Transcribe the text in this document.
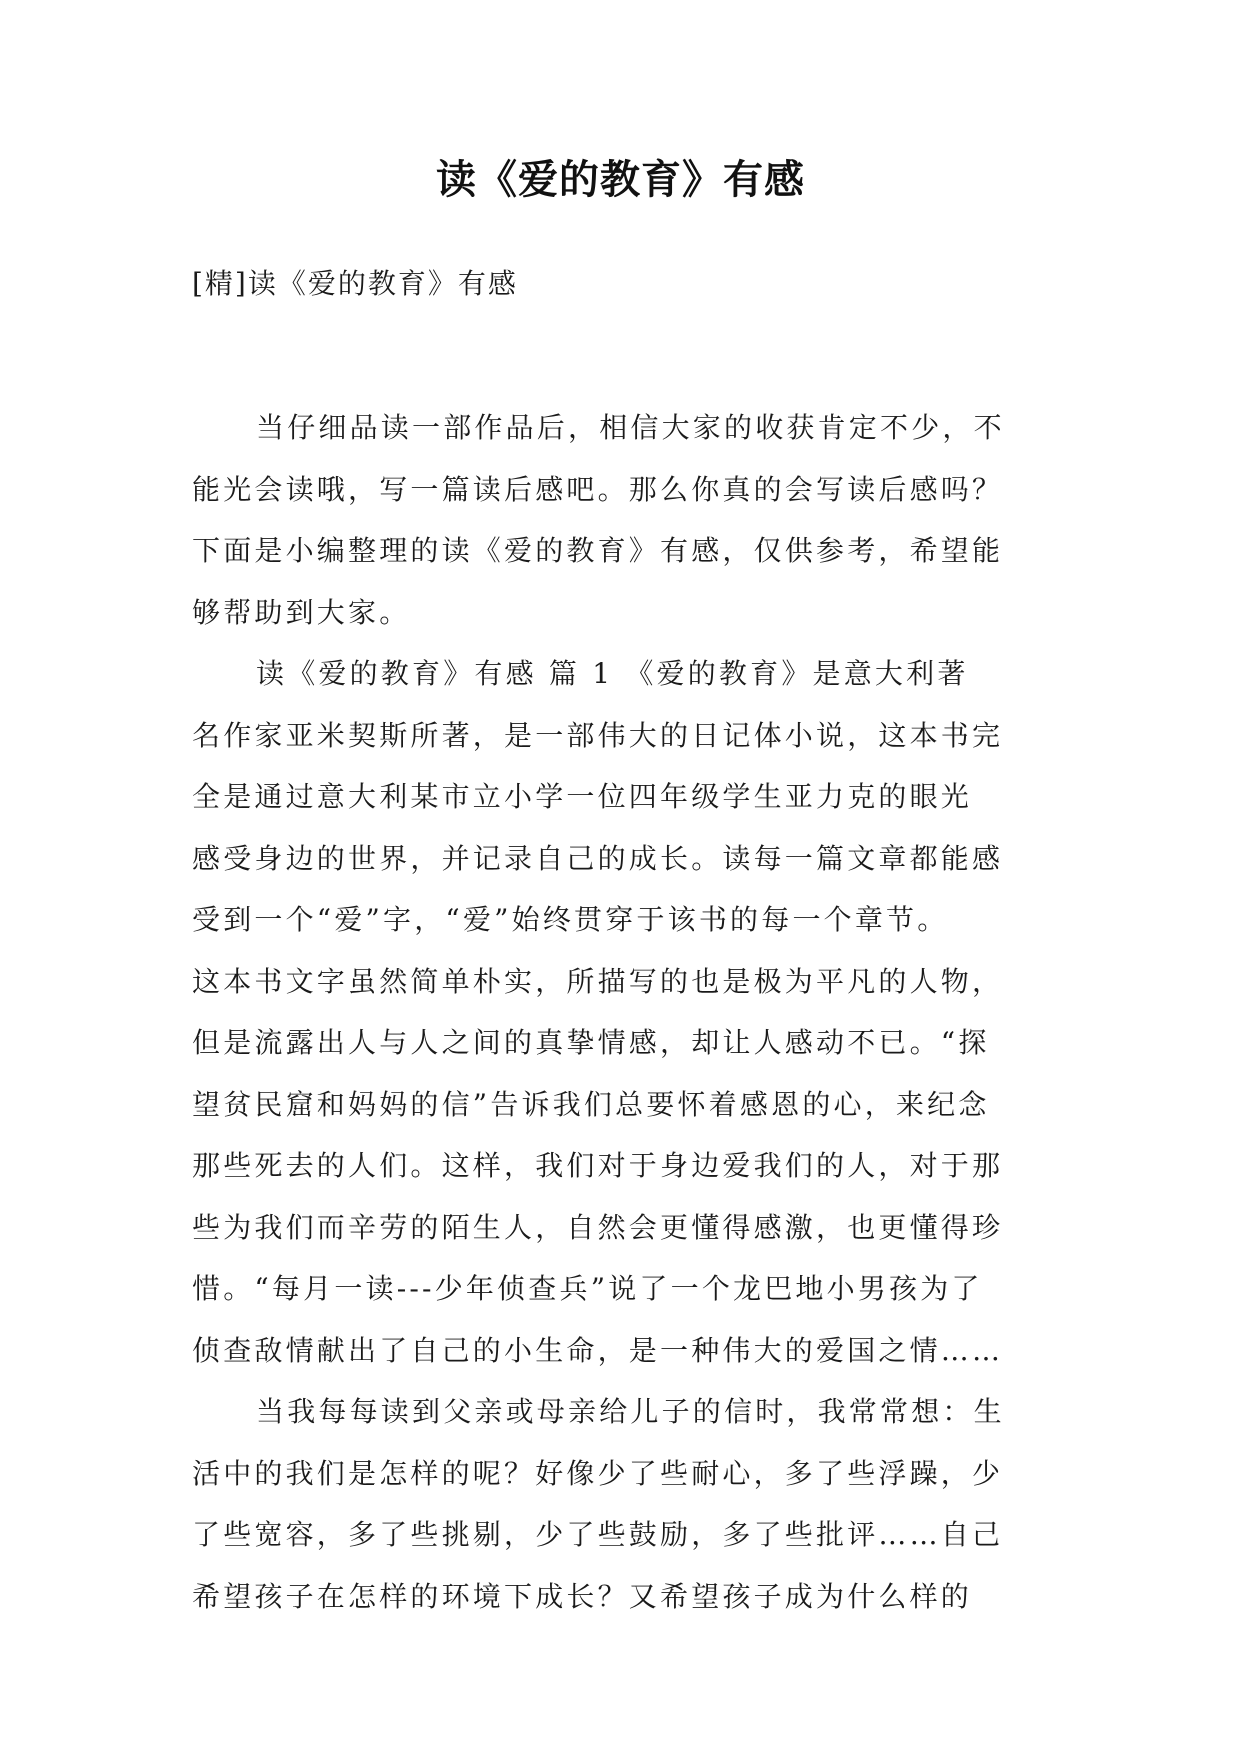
读《爱的教育》有感
[精]读《爱的教育》有感
当仔细品读一部作品后，相信大家的收获肯定不少，不
能光会读哦，写一篇读后感吧。那么你真的会写读后感吗？
下面是小编整理的读《爱的教育》有感，仅供参考，希望能
够帮助到大家。
读《爱的教育》有感 篇 1 《爱的教育》是意大利著
名作家亚米契斯所著，是一部伟大的日记体小说，这本书完
全是通过意大利某市立小学一位四年级学生亚力克的眼光
感受身边的世界，并记录自己的成长。读每一篇文章都能感
受到一个“爱”字，“爱”始终贯穿于该书的每一个章节。
这本书文字虽然简单朴实，所描写的也是极为平凡的人物，
但是流露出人与人之间的真挚情感，却让人感动不已。“探
望贫民窟和妈妈的信”告诉我们总要怀着感恩的心，来纪念
那些死去的人们。这样，我们对于身边爱我们的人，对于那
些为我们而辛劳的陌生人，自然会更懂得感激，也更懂得珍
惜。“每月一读---少年侦查兵”说了一个龙巴地小男孩为了
侦查敌情献出了自己的小生命，是一种伟大的爱国之情……
当我每每读到父亲或母亲给儿子的信时，我常常想：生
活中的我们是怎样的呢？好像少了些耐心，多了些浮躁，少
了些宽容，多了些挑剔，少了些鼓励，多了些批评……自己
希望孩子在怎样的环境下成长？又希望孩子成为什么样的
